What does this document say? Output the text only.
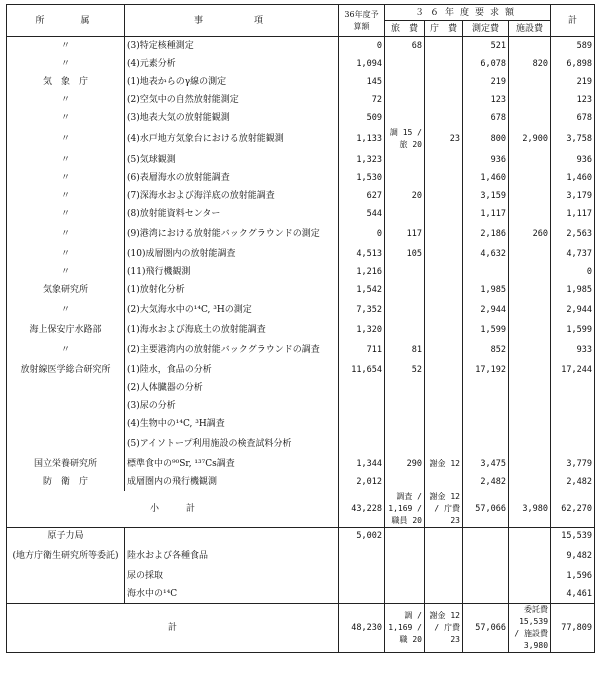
所　　属	事　　　項	36年度予算額	３６年度要求額				計
			旅　費	庁　費	測定費	施設費	
〃	(3)特定核種測定	0	68		521		589
〃	(4)元素分析	1,094			6,078	820	6,898
気　象　庁	(1)地表からのγ線の測定	145			219		219
〃	(2)空気中の自然放射能測定	72			123		123
〃	(3)地表大気の放射能観測	509			678		678
〃	(4)水戸地方気象台における放射能観測	1,133	調 15 / 旅 20	23	800	2,900	3,758
〃	(5)気球観測	1,323			936		936
〃	(6)表層海水の放射能調査	1,530			1,460		1,460
〃	(7)深海水および海洋底の放射能調査	627	20		3,159		3,179
〃	(8)放射能資料センター	544			1,117		1,117
〃	(9)港湾における放射能バックグラウンドの測定	0	117		2,186	260	2,563
〃	(10)成層圏内の放射能調査	4,513	105		4,632		4,737
〃	(11)飛行機観測	1,216					0
気象研究所	(1)放射化分析	1,542			1,985		1,985
〃	(2)大気海水中の¹⁴C, ³Hの測定	7,352			2,944		2,944
海上保安庁水路部	(1)海水および海底土の放射能調査	1,320			1,599		1,599
〃	(2)主要港湾内の放射能バックグラウンドの調査	711	81		852		933
放射線医学総合研究所	(1)陸水，食品の分析	11,654	52		17,192		17,244
	(2)人体臓器の分析						
	(3)尿の分析						
	(4)生物中の¹⁴C, ³H調査						
	(5)アイソトープ利用施設の検査試料分析						
国立栄養研究所	標準食中の⁹⁰Sr, ¹³⁷Cs調査	1,344	290	謝金 12	3,475		3,779
防　衛　庁	成層圏内の飛行機観測	2,012			2,482		2,482
小　　　計		43,228	調査 / 1,169 / 職員 20	謝金 12 / 庁費 23	57,066	3,980	62,270
原子力局		5,002					15,539
(地方庁衛生研究所等委託)	陸水および各種食品						9,482
	尿の採取						1,596
	海水中の¹⁴C						4,461
計		48,230	調 / 1,169 / 職 20	謝金 12 / 庁費 23	57,066	委託費 15,539 / 施設費 3,980	77,809
